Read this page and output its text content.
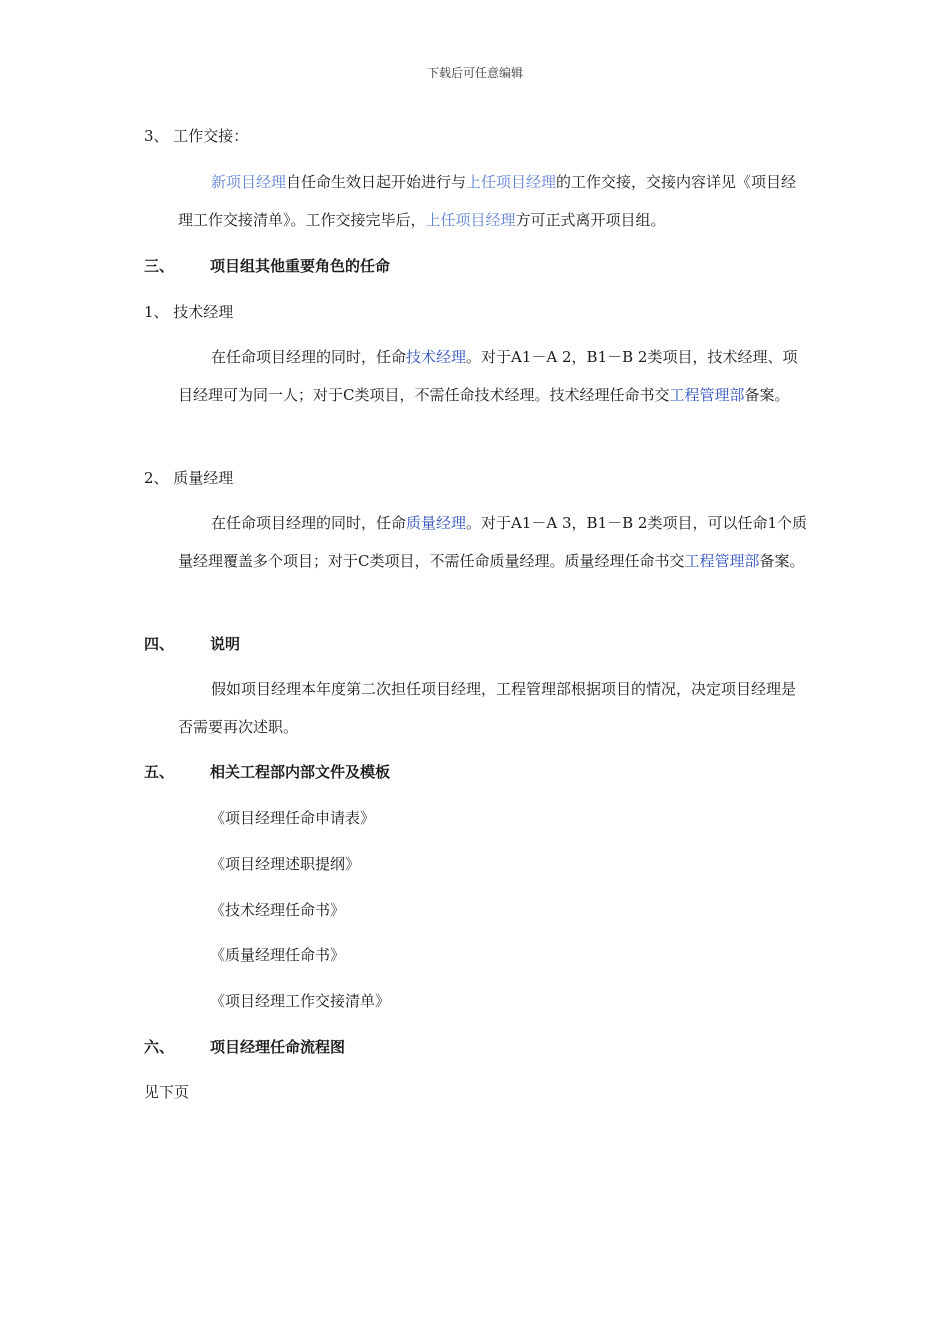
下载后可任意编辑
3、 工作交接：
新项目经理自任命生效日起开始进行与上任项目经理的工作交接，交接内容详见《项目经理工作交接清单》。工作交接完毕后，上任项目经理方可正式离开项目组。
三、 项目组其他重要角色的任命
1、 技术经理
在任命项目经理的同时，任命技术经理。对于A1－A 2，B1－B 2类项目，技术经理、项目经理可为同一人；对于C类项目，不需任命技术经理。技术经理任命书交工程管理部备案。
2、 质量经理
在任命项目经理的同时，任命质量经理。对于A1－A 3，B1－B 2类项目，可以任命1个质量经理覆盖多个项目；对于C类项目，不需任命质量经理。质量经理任命书交工程管理部备案。
四、 说明
假如项目经理本年度第二次担任项目经理，工程管理部根据项目的情况，决定项目经理是否需要再次述职。
五、 相关工程部内部文件及模板
《项目经理任命申请表》
《项目经理述职提纲》
《技术经理任命书》
《质量经理任命书》
《项目经理工作交接清单》
六、 项目经理任命流程图
见下页
